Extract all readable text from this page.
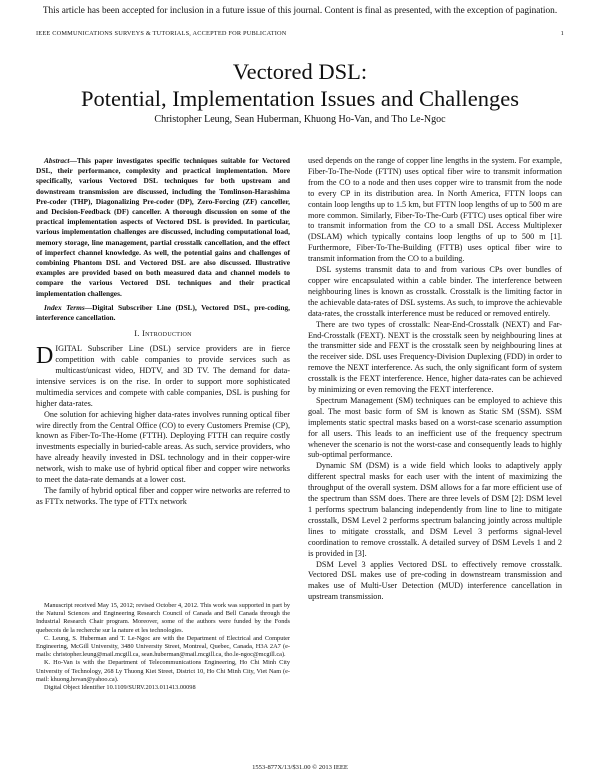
This article has been accepted for inclusion in a future issue of this journal. Content is final as presented, with the exception of pagination.
IEEE COMMUNICATIONS SURVEYS & TUTORIALS, ACCEPTED FOR PUBLICATION	1
Vectored DSL:
Potential, Implementation Issues and Challenges
Christopher Leung, Sean Huberman, Khuong Ho-Van, and Tho Le-Ngoc

Abstract—This paper investigates specific techniques suitable for Vectored DSL, their performance, complexity and practical implementation. More specifically, various Vectored DSL techniques for both upstream and downstream transmission are discussed, including the Tomlinson-Harashima Pre-coder (THP), Diagonalizing Pre-coder (DP), Zero-Forcing (ZF) canceller, and Decision-Feedback (DF) canceller. A thorough discussion on some of the practical implementation aspects of Vectored DSL is provided. In particular, various implementation challenges are discussed, including computational load, memory storage, line management, partial crosstalk cancellation, and the effect of imperfect channel knowledge. As well, the potential gains and challenges of combining Phantom DSL and Vectored DSL are also discussed. Illustrative examples are provided based on both measured data and channel models to compare the various Vectored DSL techniques and their practical implementation challenges.

Index Terms—Digital Subscriber Line (DSL), Vectored DSL, pre-coding, interference cancellation.

I. Introduction

DIGITAL Subscriber Line (DSL) service providers are in fierce competition with cable companies to provide services such as multicast/unicast video, HDTV, and 3D TV. The demand for data-intensive services is on the rise. In order to support more sophisticated multimedia services and compete with cable companies, DSL is pushing for higher data-rates.

One solution for achieving higher data-rates involves running optical fiber wire directly from the Central Office (CO) to every Customers Premise (CP), known as Fiber-To-The-Home (FTTH). Deploying FTTH can require costly investments especially in buried-cable areas. As such, service providers, who have already heavily invested in DSL technology and in their copper-wire network, wish to make use of hybrid optical fiber and copper wire networks to meet the data-rate demands at a lower cost.

The family of hybrid optical fiber and copper wire networks are referred to as FTTx networks. The type of FTTx network

Manuscript received May 15, 2012; revised October 4, 2012. This work was supported in part by the Natural Sciences and Engineering Research Council of Canada and Bell Canada through the Industrial Research Chair program. Moreover, some of the authors were funded by the Fonds quebecois de la recherche sur la nature et les technologies.

C. Leung, S. Huberman and T. Le-Ngoc are with the Department of Electrical and Computer Engineering, McGill University, 3480 University Street, Montreal, Quebec, Canada, H3A 2A7 (e-mails: christopher.leung@mail.mcgill.ca, sean.huberman@mail.mcgill.ca, tho.le-ngoc@mcgill.ca).

K. Ho-Van is with the Department of Telecommunications Engineering, Ho Chi Minh City University of Technology, 268 Ly Thuong Kiet Street, District 10, Ho Chi Minh City, Viet Nam (e-mail: khuong.hovan@yahoo.ca).

Digital Object Identifier 10.1109/SURV.2013.011413.00098

used depends on the range of copper line lengths in the system. For example, Fiber-To-The-Node (FTTN) uses optical fiber wire to transmit information from the CO to a node and then uses copper wire to transmit from the node to every CP in its distribution area. In North America, FTTN loops can contain loop lengths up to 1.5 km, but FTTN loop lengths of up to 500 m are more common. Similarly, Fiber-To-The-Curb (FTTC) uses optical fiber wire to transmit information from the CO to a small DSL Access Multiplexer (DSLAM) which typically contains loop lengths of up to 500 m [1]. Furthermore, Fiber-To-The-Building (FTTB) uses optical fiber wire to transmit information from the CO to a building.

DSL systems transmit data to and from various CPs over bundles of copper wire encapsulated within a cable binder. The interference between neighbouring lines is known as crosstalk. Crosstalk is the limiting factor in the achievable data-rates of DSL systems. As such, to improve the achievable data-rates, the crosstalk interference must be reduced or removed entirely.

There are two types of crosstalk: Near-End-Crosstalk (NEXT) and Far-End-Crosstalk (FEXT). NEXT is the crosstalk seen by neighbouring lines at the transmitter side and FEXT is the crosstalk seen by neighbouring lines at the receiver side. DSL uses Frequency-Division Duplexing (FDD) in order to remove the NEXT interference. As such, the only significant form of system crosstalk is the FEXT interference. Hence, higher data-rates can be achieved by minimizing or even removing the FEXT interference.

Spectrum Management (SM) techniques can be employed to achieve this goal. The most basic form of SM is known as Static SM (SSM). SSM implements static spectral masks based on a worst-case scenario assumption for all users. This leads to an inefficient use of the frequency spectrum whenever the scenario is not the worst-case and consequently leads to highly sub-optimal performance.

Dynamic SM (DSM) is a wide field which looks to adaptively apply different spectral masks for each user with the intent of maximizing the throughput of the overall system. DSM allows for a far more efficient use of the spectrum than SSM does. There are three levels of DSM [2]: DSM level 1 performs spectrum balancing independently from line to line to mitigate crosstalk, DSM Level 2 performs spectrum balancing jointly across multiple lines to mitigate crosstalk, and DSM Level 3 performs signal-level coordination to remove crosstalk. A detailed survey of DSM Levels 1 and 2 is provided in [3].

DSM Level 3 applies Vectored DSL to effectively remove crosstalk. Vectored DSL makes use of pre-coding in downstream transmission and makes use of Multi-User Detection (MUD) interference cancellation in upstream transmission.

1553-877X/13/$31.00 © 2013 IEEE
